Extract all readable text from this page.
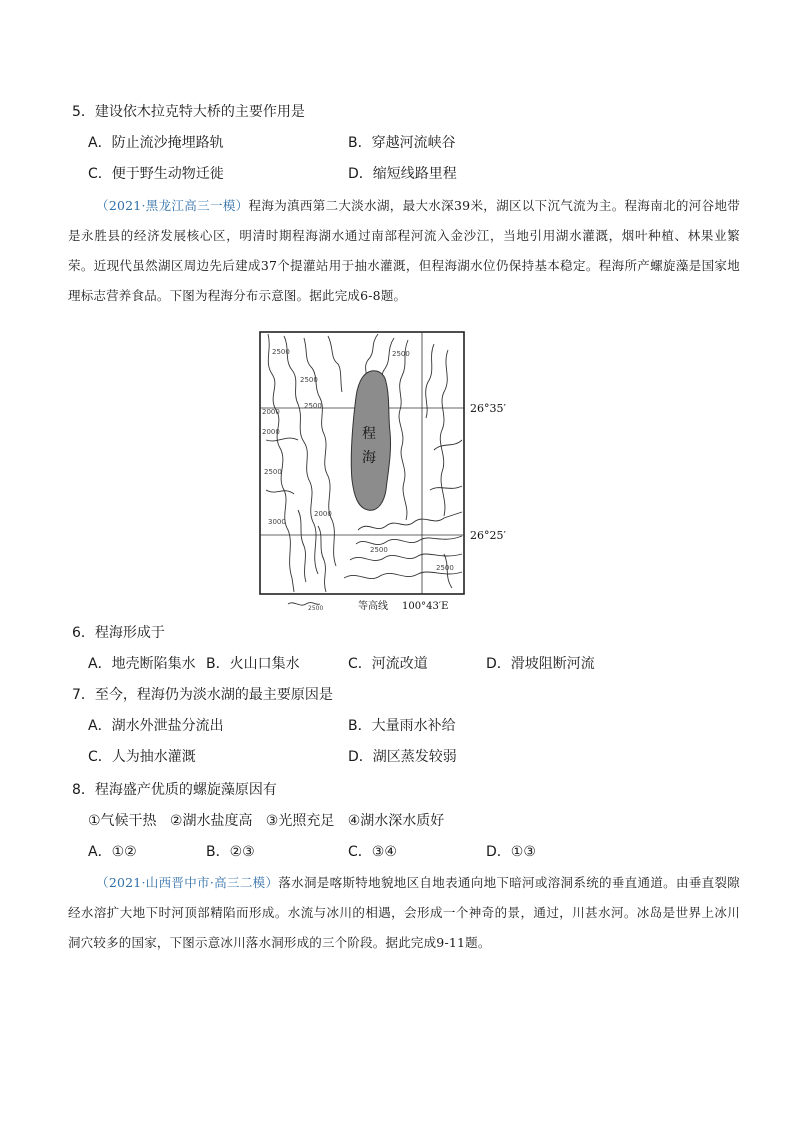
5．建设依木拉克特大桥的主要作用是
A．防止流沙掩埋路轨	B．穿越河流峡谷
C．便于野生动物迁徙	D．缩短线路里程
（2021·黑龙江高三一模）程海为滇西第二大淡水湖，最大水深39米，湖区以下沉气流为主。程海南北的河谷地带是永胜县的经济发展核心区，明清时期程海湖水通过南部程河流入金沙江，当地引用湖水灌溉，烟叶种植、林果业繁荣。近现代虽然湖区周边先后建成37个提灌站用于抽水灌溉，但程海湖水位仍保持基本稳定。程海所产螺旋藻是国家地理标志营养食品。下图为程海分布示意图。据此完成6-8题。
2500
2500
2500
2000
2500
2000
2500
3000
2000
2500
2500
程
海
26°35′
26°25′
2500	等高线 100°43′E
6．程海形成于
A．地壳断陷集水 B．火山口集水	C．河流改道	D．滑坡阻断河流
7．至今，程海仍为淡水湖的最主要原因是
A．湖水外泄盐分流出	B．大量雨水补给
C．人为抽水灌溉	D．湖区蒸发较弱
8．程海盛产优质的螺旋藻原因有
①气候干热   ②湖水盐度高   ③光照充足   ④湖水深水质好
A．①②	B．②③	C．③④	D．①③
（2021·山西晋中市·高三二模）落水洞是喀斯特地貌地区自地表通向地下暗河或溶洞系统的垂直通道。由垂直裂隙经水溶扩大地下时河顶部精陷而形成。水流与冰川的相遇，会形成一个神奇的景，通过，川甚水河。冰岛是世界上冰川洞穴较多的国家，下图示意冰川落水洞形成的三个阶段。据此完成9-11题。
